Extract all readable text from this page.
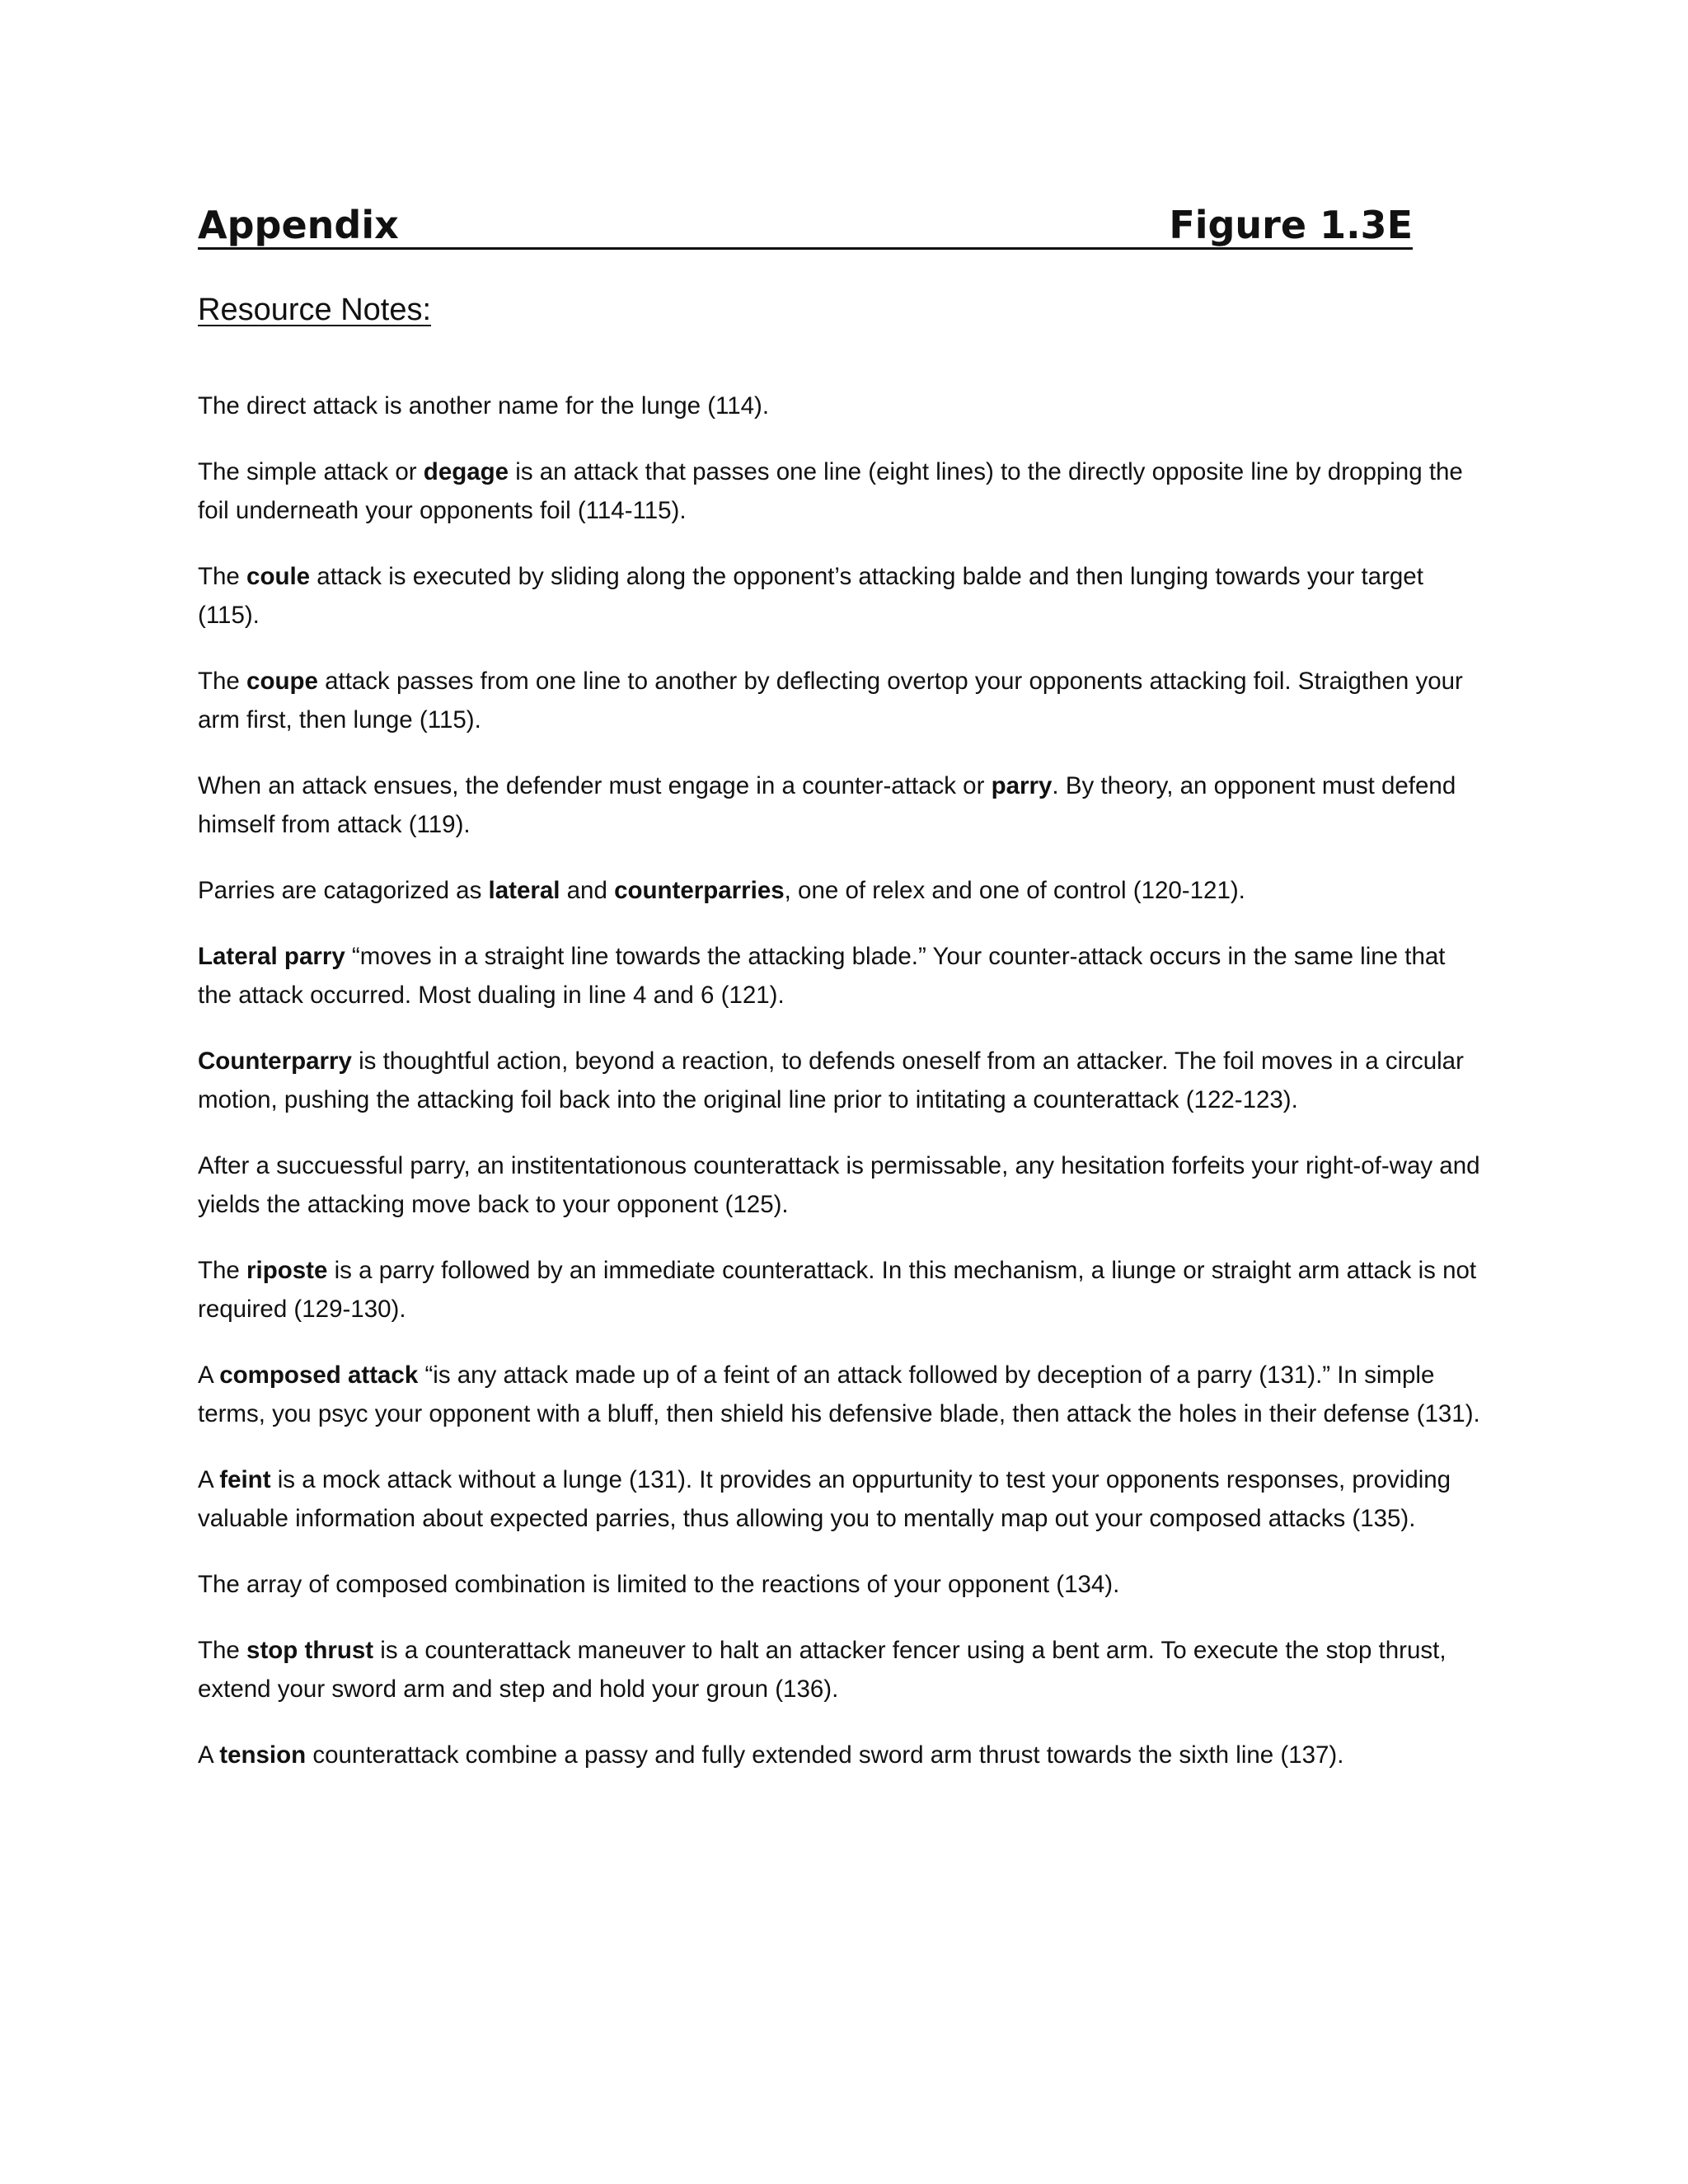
Appendix	Figure 1.3E
Resource Notes:

The direct attack is another name for the lunge (114).

The simple attack or degage is an attack that passes one line (eight lines) to the directly opposite line by dropping the foil underneath your opponents foil (114-115).

The coule attack is executed by sliding along the opponent’s attacking balde and then lunging towards your target (115).

The coupe attack passes from one line to another by deflecting overtop your opponents attacking foil. Straigthen your arm first, then lunge (115).

When an attack ensues, the defender must engage in a counter-attack or parry. By theory, an opponent must defend himself from attack (119).

Parries are catagorized as lateral and counterparries, one of relex and one of control (120-121).

Lateral parry “moves in a straight line towards the attacking blade.” Your counter-attack occurs in the same line that the attack occurred. Most dualing in line 4 and 6 (121).

Counterparry is thoughtful action, beyond a reaction, to defends oneself from an attacker. The foil moves in a circular motion, pushing the attacking foil back into the original line prior to intitating a counterattack (122-123).

After a succuessful parry, an institentationous counterattack is permissable, any hesitation forfeits your right-of-way and yields the attacking move back to your opponent (125).

The riposte is a parry followed by an immediate counterattack. In this mechanism, a liunge or straight arm attack is not required (129-130).

A composed attack “is any attack made up of a feint of an attack followed by deception of a parry (131).” In simple terms, you psyc your opponent with a bluff, then shield his defensive blade, then attack the holes in their defense (131).

A feint is a mock attack without a lunge (131). It provides an oppurtunity to test your opponents responses, providing valuable information about expected parries, thus allowing you to mentally map out your composed attacks (135).

The array of composed combination is limited to the reactions of your opponent (134).

The stop thrust is a counterattack maneuver to halt an attacker fencer using a bent arm. To execute the stop thrust, extend your sword arm and step and hold your groun (136).

A tension counterattack combine a passy and fully extended sword arm thrust towards the sixth line (137).
